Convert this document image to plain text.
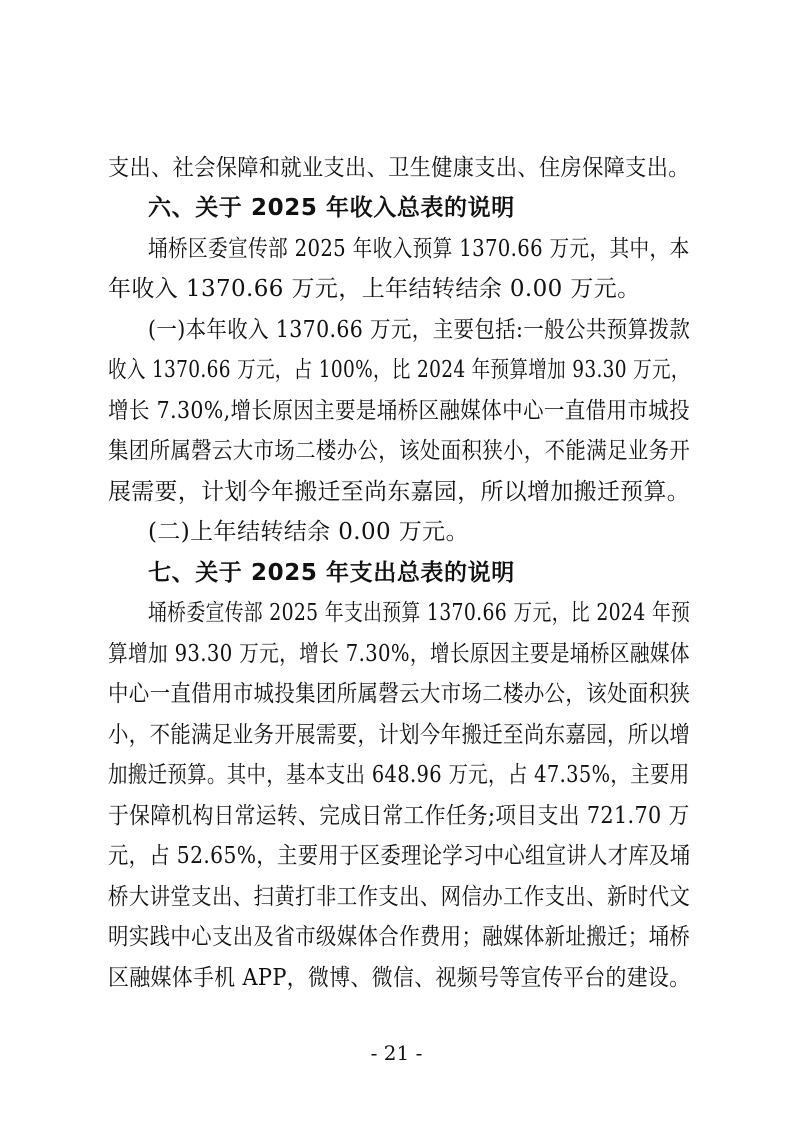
支出、社会保障和就业支出、卫生健康支出、住房保障支出。
六、关于 2025 年收入总表的说明
埇桥区委宣传部 2025 年收入预算 1370.66 万元，其中，本
年收入 1370.66 万元，上年结转结余 0.00 万元。
(一)本年收入 1370.66 万元，主要包括:一般公共预算拨款
收入 1370.66 万元，占 100%，比 2024 年预算增加 93.30 万元，
增长 7.30%,增长原因主要是埇桥区融媒体中心一直借用市城投
集团所属磬云大市场二楼办公，该处面积狭小，不能满足业务开
展需要，计划今年搬迁至尚东嘉园，所以增加搬迁预算。
(二)上年结转结余 0.00 万元。
七、关于 2025 年支出总表的说明
埇桥委宣传部 2025 年支出预算 1370.66 万元，比 2024 年预
算增加 93.30 万元，增长 7.30%，增长原因主要是埇桥区融媒体
中心一直借用市城投集团所属磬云大市场二楼办公，该处面积狭
小，不能满足业务开展需要，计划今年搬迁至尚东嘉园，所以增
加搬迁预算。其中，基本支出 648.96 万元，占 47.35%，主要用
于保障机构日常运转、完成日常工作任务;项目支出 721.70 万
元，占 52.65%，主要用于区委理论学习中心组宣讲人才库及埇
桥大讲堂支出、扫黄打非工作支出、网信办工作支出、新时代文
明实践中心支出及省市级媒体合作费用；融媒体新址搬迁；埇桥
区融媒体手机 APP，微博、微信、视频号等宣传平台的建设。
- 21 -
